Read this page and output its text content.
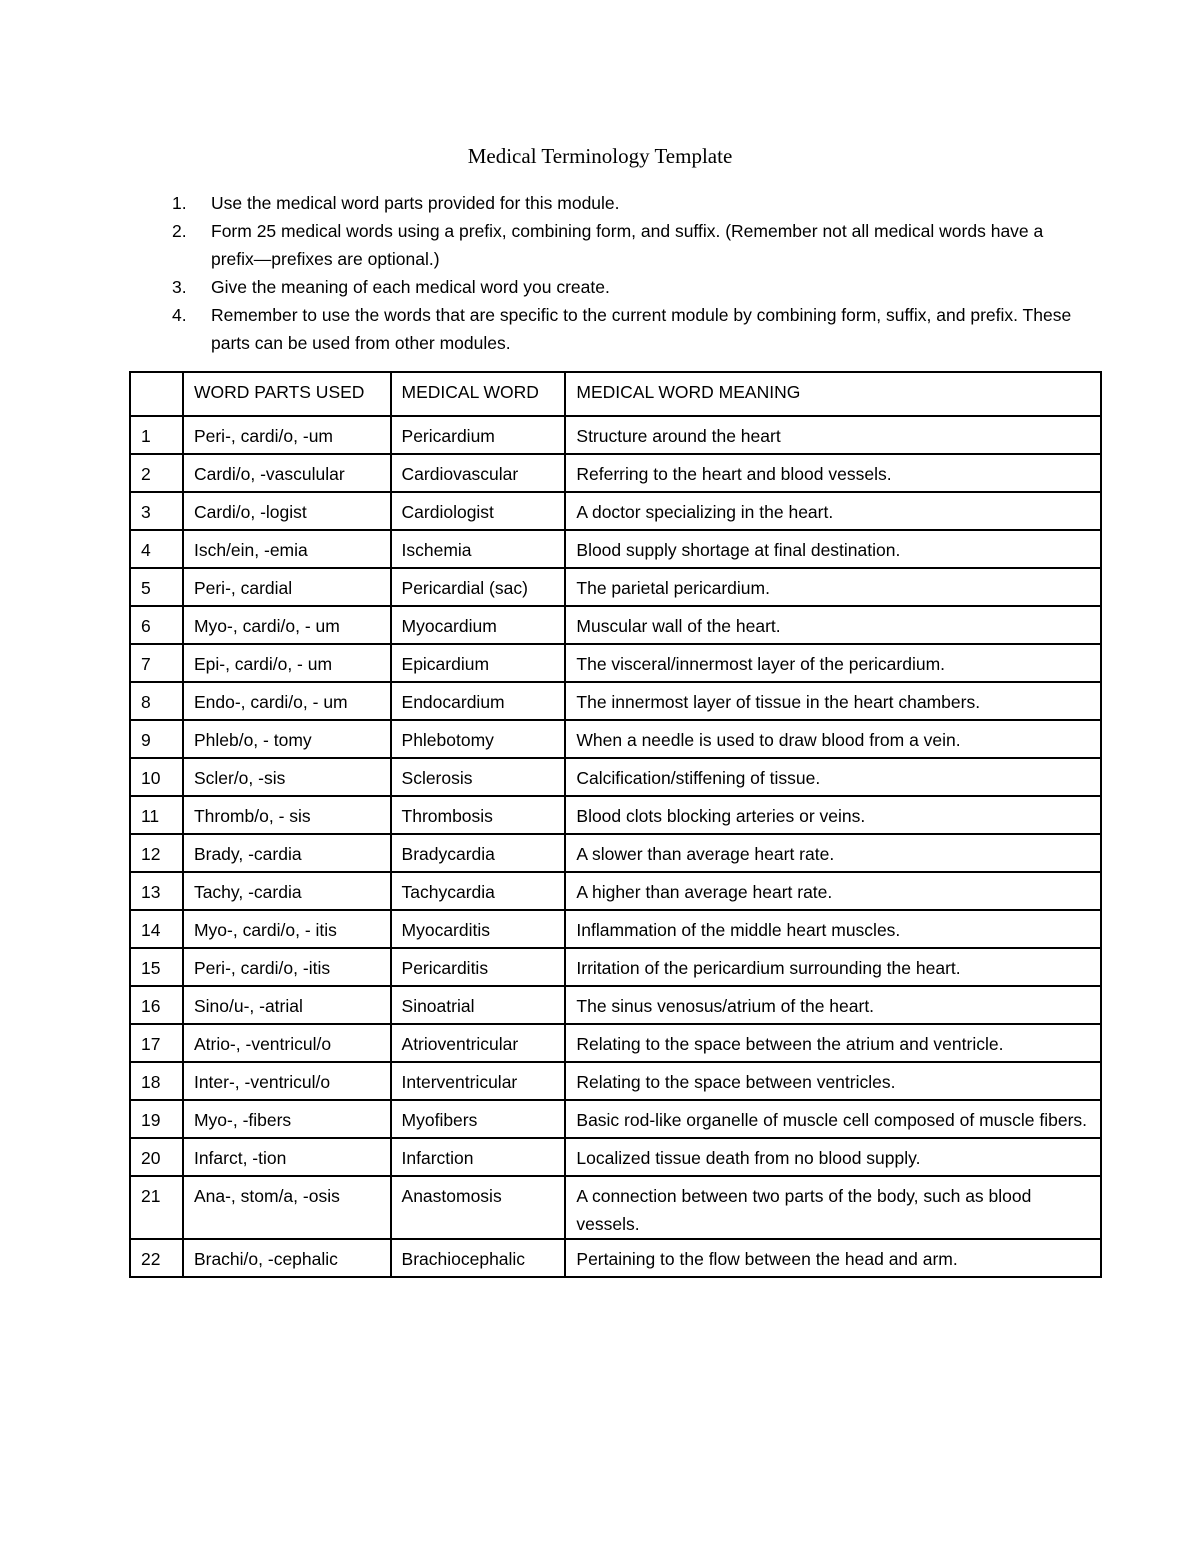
Medical Terminology Template
1. Use the medical word parts provided for this module.
2. Form 25 medical words using a prefix, combining form, and suffix. (Remember not all medical words have a prefix—prefixes are optional.)
3. Give the meaning of each medical word you create.
4. Remember to use the words that are specific to the current module by combining form, suffix, and prefix. These parts can be used from other modules.
	WORD PARTS USED	MEDICAL WORD	MEDICAL WORD MEANING
1	Peri-, cardi/o, -um	Pericardium	Structure around the heart
2	Cardi/o, -vasculular	Cardiovascular	Referring to the heart and blood vessels.
3	Cardi/o, -logist	Cardiologist	A doctor specializing in the heart.
4	Isch/ein, -emia	Ischemia	Blood supply shortage at final destination.
5	Peri-, cardial	Pericardial (sac)	The parietal pericardium.
6	Myo-, cardi/o, - um	Myocardium	Muscular wall of the heart.
7	Epi-, cardi/o, - um	Epicardium	The visceral/innermost layer of the pericardium.
8	Endo-, cardi/o, - um	Endocardium	The innermost layer of tissue in the heart chambers.
9	Phleb/o, - tomy	Phlebotomy	When a needle is used to draw blood from a vein.
10	Scler/o, -sis	Sclerosis	Calcification/stiffening of tissue.
11	Thromb/o, - sis	Thrombosis	Blood clots blocking arteries or veins.
12	Brady, -cardia	Bradycardia	A slower than average heart rate.
13	Tachy, -cardia	Tachycardia	A higher than average heart rate.
14	Myo-, cardi/o, - itis	Myocarditis	Inflammation of the middle heart muscles.
15	Peri-, cardi/o, -itis	Pericarditis	Irritation of the pericardium surrounding the heart.
16	Sino/u-, -atrial	Sinoatrial	The sinus venosus/atrium of the heart.
17	Atrio-, -ventricul/o	Atrioventricular	Relating to the space between the atrium and ventricle.
18	Inter-, -ventricul/o	Interventricular	Relating to the space between ventricles.
19	Myo-, -fibers	Myofibers	Basic rod-like organelle of muscle cell composed of muscle fibers.
20	Infarct, -tion	Infarction	Localized tissue death from no blood supply.
21	Ana-, stom/a, -osis	Anastomosis	A connection between two parts of the body, such as blood vessels.
22	Brachi/o, -cephalic	Brachiocephalic	Pertaining to the flow between the head and arm.
